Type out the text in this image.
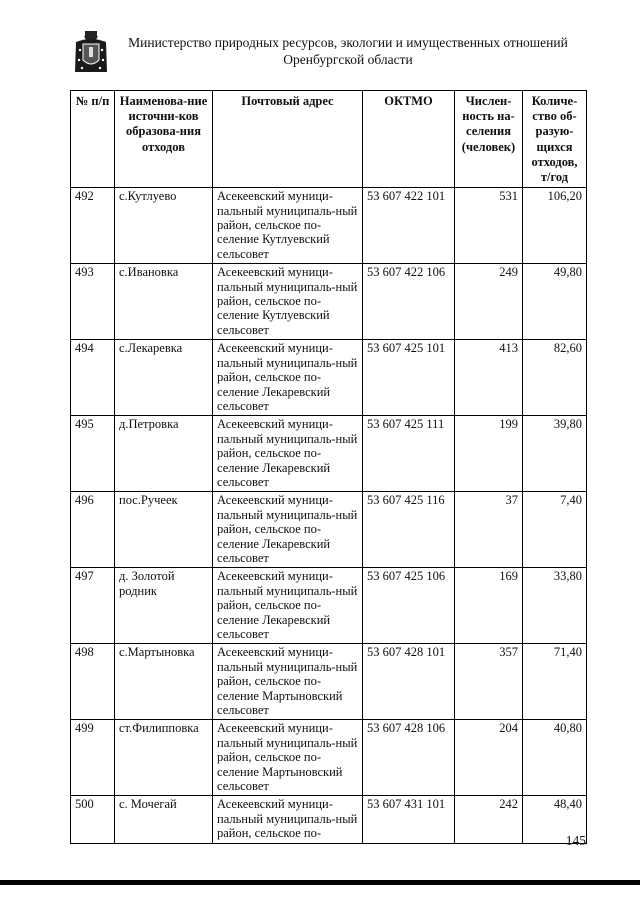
Министерство природных ресурсов, экологии и имущественных отношений
Оренбургской области
№ п/п	Наименова-ние источни-ков образова-ния отходов	Почтовый адрес	ОКТМО	Числен-ность на-селения (человек)	Количе-ство об-разую-щихся отходов, т/год
492	с.Кутлуево	Асекеевский муници-пальный муниципаль-ный район, сельское по-селение Кутлуевский сельсовет	53 607 422 101	531	106,20
493	с.Ивановка	Асекеевский муници-пальный муниципаль-ный район, сельское по-селение Кутлуевский сельсовет	53 607 422 106	249	49,80
494	с.Лекаревка	Асекеевский муници-пальный муниципаль-ный район, сельское по-селение Лекаревский сельсовет	53 607 425 101	413	82,60
495	д.Петровка	Асекеевский муници-пальный муниципаль-ный район, сельское по-селение Лекаревский сельсовет	53 607 425 111	199	39,80
496	пос.Ручеек	Асекеевский муници-пальный муниципаль-ный район, сельское по-селение Лекаревский сельсовет	53 607 425 116	37	7,40
497	д. Золотой родник	Асекеевский муници-пальный муниципаль-ный район, сельское по-селение Лекаревский сельсовет	53 607 425 106	169	33,80
498	с.Мартыновка	Асекеевский муници-пальный муниципаль-ный район, сельское по-селение Мартыновский сельсовет	53 607 428 101	357	71,40
499	ст.Филипповка	Асекеевский муници-пальный муниципаль-ный район, сельское по-селение Мартыновский сельсовет	53 607 428 106	204	40,80
500	с. Мочегай	Асекеевский муници-пальный муниципаль-ный район, сельское по-	53 607 431 101	242	48,40
145
